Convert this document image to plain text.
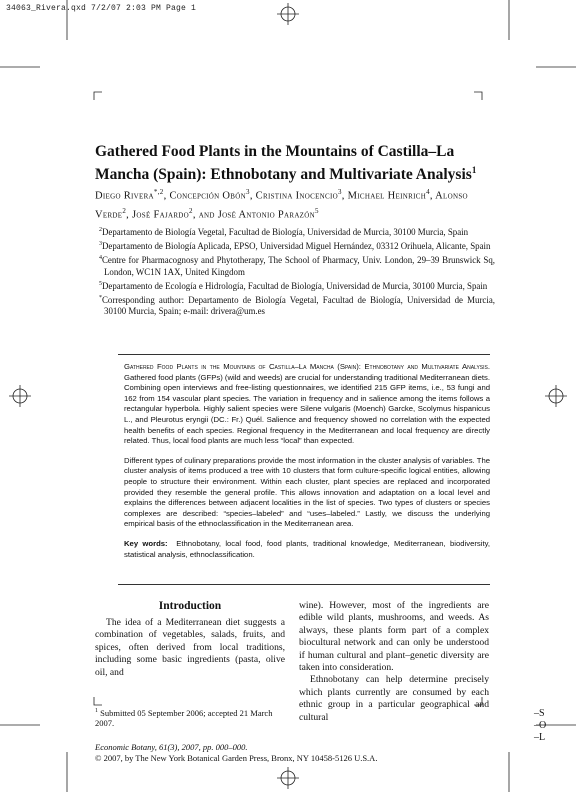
34063_Rivera.qxd 7/2/07 2:03 PM Page 1
Gathered Food Plants in the Mountains of Castilla–La Mancha (Spain): Ethnobotany and Multivariate Analysis$^1$
Diego Rivera$^{*,2}$, Concepción Obón$^3$, Cristina Inocencio$^3$, Michael Heinrich$^4$, Alonso Verde$^2$, José Fajardo$^2$, and José Antonio Parazón$^5$
$^2$Departamento de Biología Vegetal, Facultad de Biología, Universidad de Murcia, 30100 Murcia, Spain
$^3$Departamento de Biología Aplicada, EPSO, Universidad Miguel Hernández, 03312 Orihuela, Alicante, Spain
$^4$Centre for Pharmacognosy and Phytotherapy, The School of Pharmacy, Univ. London, 29–39 Brunswick Sq, London, WC1N 1AX, United Kingdom
$^5$Departamento de Ecología e Hidrología, Facultad de Biología, Universidad de Murcia, 30100 Murcia, Spain
*Corresponding author: Departamento de Biología Vegetal, Facultad de Biología, Universidad de Murcia, 30100 Murcia, Spain; e-mail: drivera@um.es

Gathered Food Plants in the Mountains of Castilla–La Mancha (Spain): Ethnobotany and Multivariate Analysis. Gathered food plants (GFPs) (wild and weeds) are crucial for understanding traditional Mediterranean diets. Combining open interviews and free-listing questionnaires, we identified 215 GFP items, i.e., 53 fungi and 162 from 154 vascular plant species. The variation in frequency and in salience among the items follows a rectangular hyperbola. Highly salient species were Silene vulgaris (Moench) Garcke, Scolymus hispanicus L., and Pleurotus eryngii (DC.: Fr.) Quél. Salience and frequency showed no correlation with the expected health benefits of each species. Regional frequency in the Mediterranean and local frequency are directly related. Thus, local food plants are much less “local” than expected.

Different types of culinary preparations provide the most information in the cluster analysis of variables. The cluster analysis of items produced a tree with 10 clusters that form culture-specific logical entities, allowing people to structure their environment. Within each cluster, plant species are replaced and incorporated provided they resemble the general profile. This allows innovation and adaptation on a local level and explains the differences between adjacent localities in the list of species. Two types of clusters or species complexes are described: “species–labeled” and “uses–labeled.” Lastly, we discuss the underlying empirical basis of the ethnoclassification in the Mediterranean area.

Key words: Ethnobotany, local food, food plants, traditional knowledge, Mediterranean, biodiversity, statistical analysis, ethnoclassification.

Introduction

The idea of a Mediterranean diet suggests a combination of vegetables, salads, fruits, and spices, often derived from local traditions, including some basic ingredients (pasta, olive oil, and

wine). However, most of the ingredients are edible wild plants, mushrooms, and weeds. As always, these plants form part of a complex biocultural network and can only be understood if human cultural and plant–genetic diversity are taken into consideration.

Ethnobotany can help determine precisely which plants currently are consumed by each ethnic group in a particular geographical and cultural

$^1$ Submitted 05 September 2006; accepted 21 March 2007.
Economic Botany, 61(3), 2007, pp. 000–000.
© 2007, by The New York Botanical Garden Press, Bronx, NY 10458-5126 U.S.A.
–S
–O
–L
